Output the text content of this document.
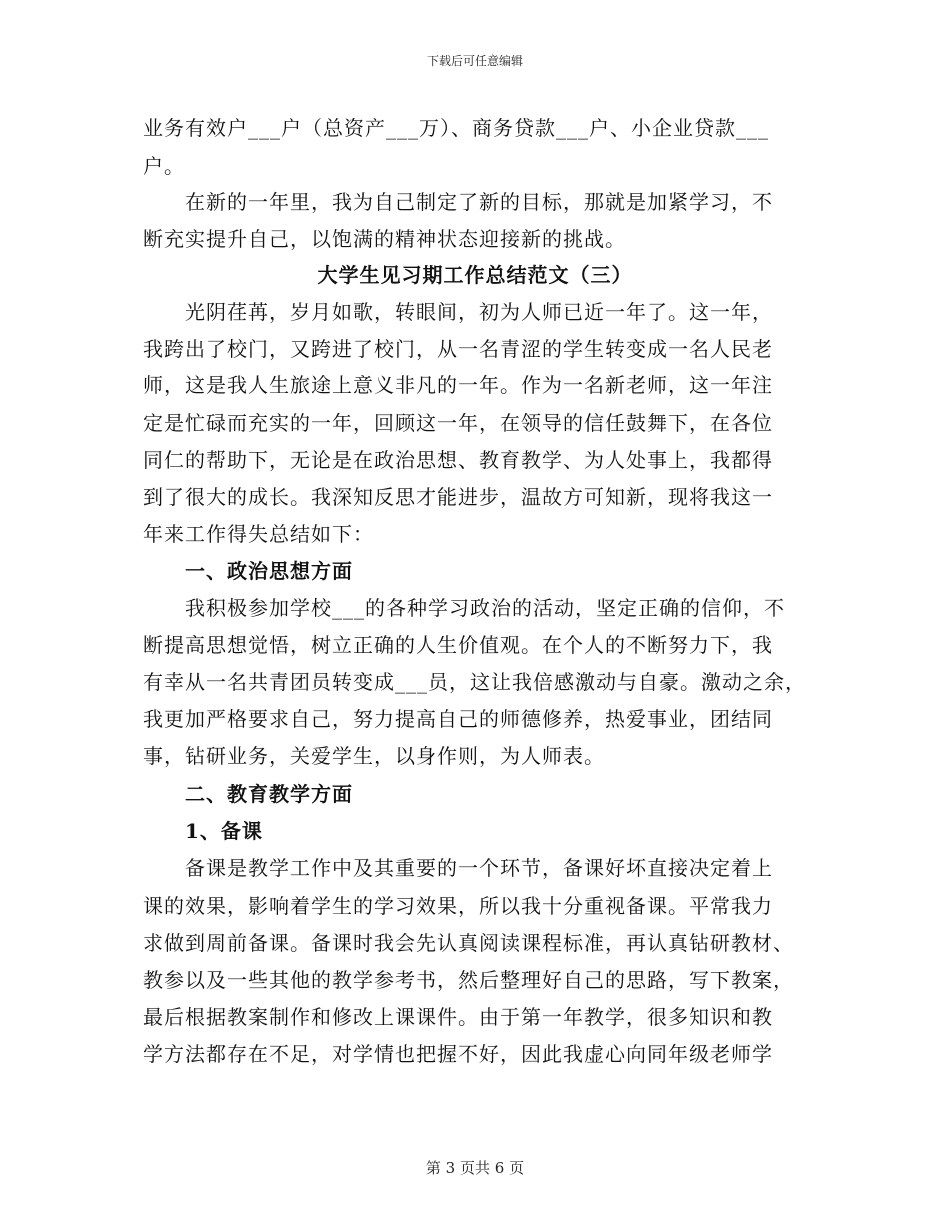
下载后可任意编辑
业务有效户___户（总资产___万）、商务贷款___户、小企业贷款___
户。
在新的一年里，我为自己制定了新的目标，那就是加紧学习，不
断充实提升自己，以饱满的精神状态迎接新的挑战。
大学生见习期工作总结范文（三）
光阴荏苒，岁月如歌，转眼间，初为人师已近一年了。这一年，
我跨出了校门，又跨进了校门，从一名青涩的学生转变成一名人民老
师，这是我人生旅途上意义非凡的一年。作为一名新老师，这一年注
定是忙碌而充实的一年，回顾这一年，在领导的信任鼓舞下，在各位
同仁的帮助下，无论是在政治思想、教育教学、为人处事上，我都得
到了很大的成长。我深知反思才能进步，温故方可知新，现将我这一
年来工作得失总结如下：
一、政治思想方面
我积极参加学校___的各种学习政治的活动，坚定正确的信仰，不
断提高思想觉悟，树立正确的人生价值观。在个人的不断努力下，我
有幸从一名共青团员转变成___员，这让我倍感激动与自豪。激动之余，
我更加严格要求自己，努力提高自己的师德修养，热爱事业，团结同
事，钻研业务，关爱学生，以身作则，为人师表。
二、教育教学方面
1、备课
备课是教学工作中及其重要的一个环节，备课好坏直接决定着上
课的效果，影响着学生的学习效果，所以我十分重视备课。平常我力
求做到周前备课。备课时我会先认真阅读课程标准，再认真钻研教材、
教参以及一些其他的教学参考书，然后整理好自己的思路，写下教案，
最后根据教案制作和修改上课课件。由于第一年教学，很多知识和教
学方法都存在不足，对学情也把握不好，因此我虚心向同年级老师学
第 3 页共 6 页
